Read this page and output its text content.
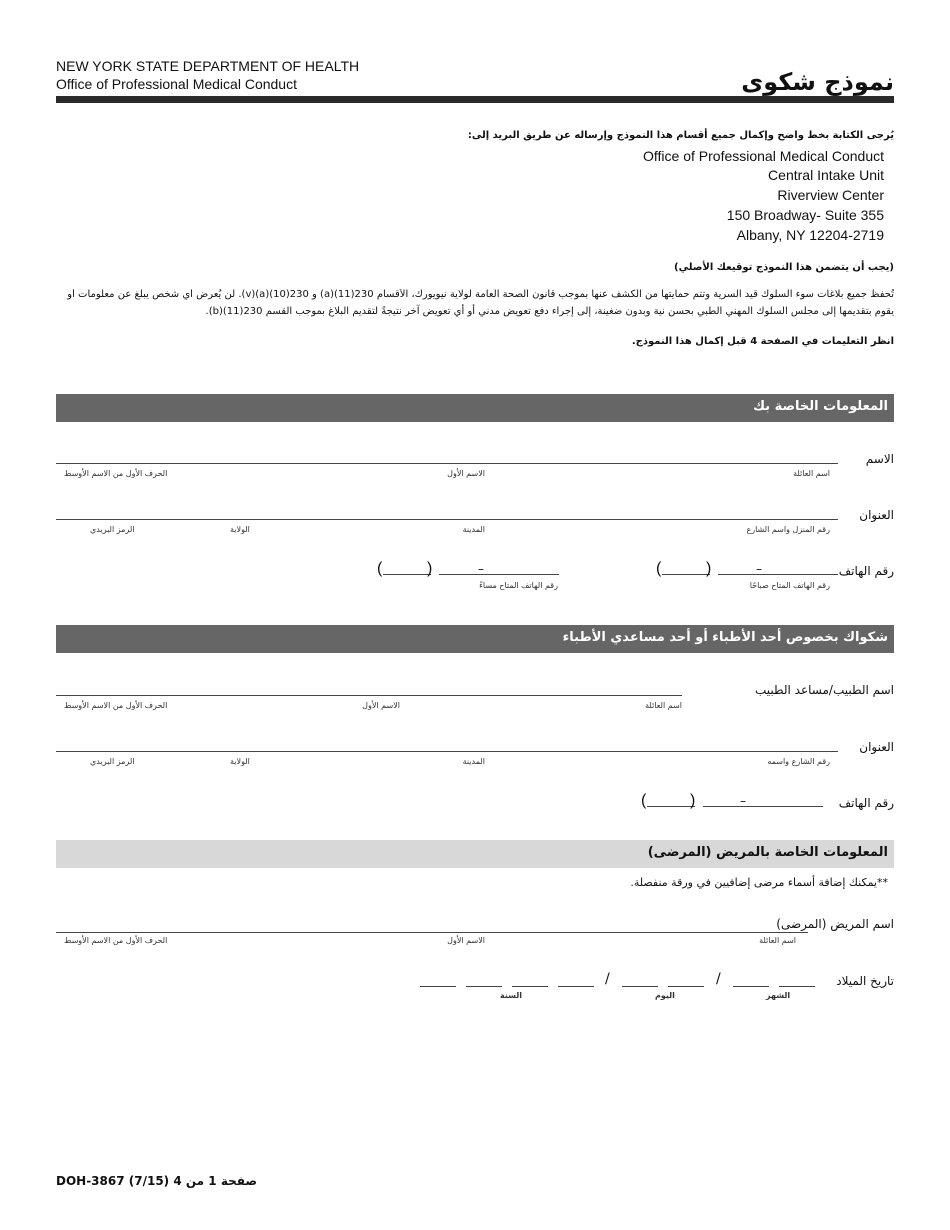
NEW YORK STATE DEPARTMENT OF HEALTH
Office of Professional Medical Conduct	نموذج شكوى
يُرجى الكتابة بخط واضح وإكمال جميع أقسام هذا النموذج وإرساله عن طريق البريد إلى:
Office of Professional Medical Conduct
Central Intake Unit
Riverview Center
150 Broadway- Suite 355
Albany, NY 12204-2719
(يجب أن يتضمن هذا النموذج توقيعك الأصلي)
تُحفظ جميع بلاغات سوء السلوك قيد السرية وتتم حمايتها من الكشف عنها بموجب قانون الصحة العامة لولاية نيويورك، الأقسام 230(11)(a) و 230(10)(a)(v). لن يُعرض أي شخص يبلغ عن معلومات أو
يقوم بتقديمها إلى مجلس السلوك المهني الطبي بحسن نية وبدون ضغينة، إلى إجراء دفع تعويض مدني أو أي تعويض آخر نتيجةً لتقديم البلاغ بموجب القسم 230(11)(b).
انظر التعليمات في الصفحة 4 قبل إكمال هذا النموذج.
المعلومات الخاصة بك
الاسم
اسم العائلة
الاسم الأول
الحرف الأول من الاسم الأوسط
العنوان
رقم المنزل واسم الشارع
المدينة
الولاية
الرمز البريدي
رقم الهاتف
(	)	–
رقم الهاتف المتاح صباحًا
(	)	–
رقم الهاتف المتاح مساءً
شكواك بخصوص أحد الأطباء أو أحد مساعدي الأطباء
اسم الطبيب/مساعد الطبيب
اسم العائلة
الاسم الأول
الحرف الأول من الاسم الأوسط
العنوان
رقم الشارع واسمه
المدينة
الولاية
الرمز البريدي
رقم الهاتف
(	)	–
المعلومات الخاصة بالمريض (المرضى)
**يمكنك إضافة أسماء مرضى إضافيين في ورقة منفصلة.
اسم المريض (المرضى)
اسم العائلة
الاسم الأول
الحرف الأول من الاسم الأوسط
تاريخ الميلاد
/
/
الشهر
اليوم
السنة
DOH-3867 (7/15) صفحة 1 من 4
